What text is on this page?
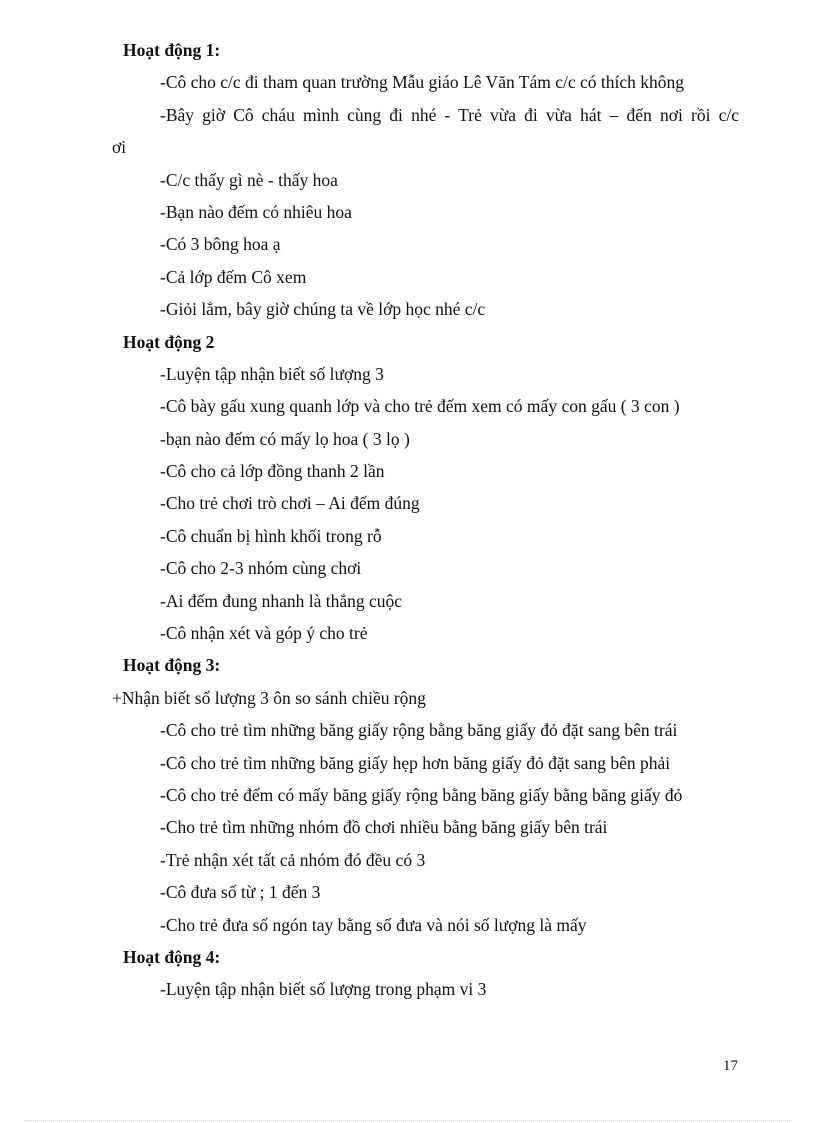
Hoạt động 1:
-Cô cho c/c đi tham quan trường Mẫu giáo Lê Văn Tám c/c có thích không
-Bây giờ Cô cháu mình cùng đi nhé - Trẻ vừa đi vừa hát – đến nơi rồi c/c
ơi
-C/c thấy gì nè - thấy hoa
-Bạn nào đếm có nhiêu hoa
-Có 3 bông hoa ạ
-Cả lớp đếm Cô xem
-Giỏi lắm, bây giờ chúng ta về lớp học nhé c/c
Hoạt động 2
-Luyện tập nhận biết số lượng 3
-Cô bày gấu xung quanh lớp và cho trẻ đếm xem có mấy con gấu ( 3 con )
-bạn nào đếm có mấy lọ hoa ( 3 lọ )
-Cô cho cả lớp đồng thanh 2 lần
-Cho trẻ chơi trò chơi – Ai đếm đúng
-Cô chuẩn bị hình khối trong rỗ
-Cô cho 2-3 nhóm cùng chơi
-Ai đếm đung nhanh là thắng cuộc
-Cô nhận xét và góp ý cho trẻ
Hoạt động 3:
+Nhận biết số lượng 3 ôn so sánh chiều rộng
-Cô cho trẻ tìm những băng giấy rộng bằng băng giấy đỏ đặt sang bên trái
-Cô cho trẻ tìm những băng giấy hẹp hơn băng giấy đỏ đặt sang bên phải
-Cô cho trẻ đếm có mấy băng giấy rộng bằng băng giấy bằng băng giấy đỏ
-Cho trẻ tìm những nhóm đồ chơi nhiều bằng băng giấy bên trái
-Trẻ nhận xét tất cả nhóm đó đều có 3
-Cô đưa số từ ; 1 đến 3
-Cho trẻ đưa số ngón tay bằng số đưa và nói số lượng là mấy
Hoạt động 4:
-Luyện tập nhận biết số lượng trong phạm vi 3
17
